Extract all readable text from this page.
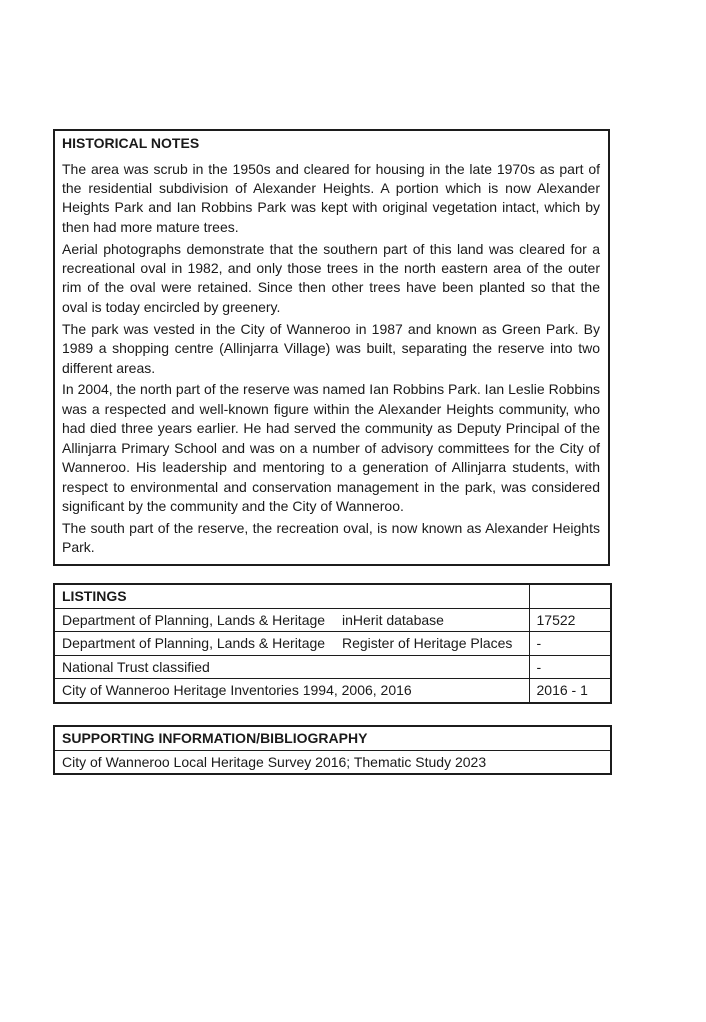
HISTORICAL NOTES

The area was scrub in the 1950s and cleared for housing in the late 1970s as part of the residential subdivision of Alexander Heights. A portion which is now Alexander Heights Park and Ian Robbins Park was kept with original vegetation intact, which by then had more mature trees.

Aerial photographs demonstrate that the southern part of this land was cleared for a recreational oval in 1982, and only those trees in the north eastern area of the outer rim of the oval were retained. Since then other trees have been planted so that the oval is today encircled by greenery.

The park was vested in the City of Wanneroo in 1987 and known as Green Park. By 1989 a shopping centre (Allinjarra Village) was built, separating the reserve into two different areas.

In 2004, the north part of the reserve was named Ian Robbins Park. Ian Leslie Robbins was a respected and well-known figure within the Alexander Heights community, who had died three years earlier. He had served the community as Deputy Principal of the Allinjarra Primary School and was on a number of advisory committees for the City of Wanneroo. His leadership and mentoring to a generation of Allinjarra students, with respect to environmental and conservation management in the park, was considered significant by the community and the City of Wanneroo.

The south part of the reserve, the recreation oval, is now known as Alexander Heights Park.

LISTINGS	
Department of Planning, Lands & Heritage inHerit database	17522
Department of Planning, Lands & Heritage Register of Heritage Places	-
National Trust classified	-
City of Wanneroo Heritage Inventories 1994, 2006, 2016	2016 - 1
SUPPORTING INFORMATION/BIBLIOGRAPHY
City of Wanneroo Local Heritage Survey 2016; Thematic Study 2023
